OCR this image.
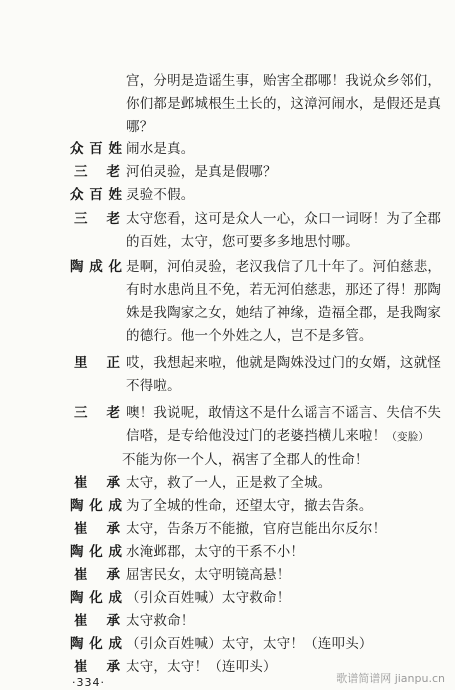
宫，分明是造谣生事，贻害全郡哪！我说众乡邻们，
你们都是邺城根生土长的，这漳河闹水，是假还是真
哪？
众百姓 闹水是真。
三　老 河伯灵验，是真是假哪？
众百姓 灵验不假。
三　老 太守您看，这可是众人一心，众口一词呀！为了全郡
的百姓，太守，您可要多多地思忖哪。
陶成化 是啊，河伯灵验，老汉我信了几十年了。河伯慈悲，
有时水患尚且不免，若无河伯慈悲，那还了得！那陶
姝是我陶家之女，她结了神缘，造福全郡，是我陶家
的德行。他一个外姓之人，岂不是多管。
里　正 哎，我想起来啦，他就是陶姝没过门的女婿，这就怪
不得啦。
三　老 噢！我说呢，敢情这不是什么谣言不谣言、失信不失
信嗒，是专给他没过门的老婆挡横儿来啦！（变脸）
不能为你一个人，祸害了全郡人的性命！
崔　承 太守，救了一人，正是救了全城。
陶化成 为了全城的性命，还望太守，撤去告条。
崔　承 太守，告条万不能撤，官府岂能出尔反尔！
陶化成 水淹邺郡，太守的干系不小！
崔　承 屈害民女，太守明镜高悬！
陶化成 （引众百姓喊）太守救命！
崔　承 太守救命！
陶化成 （引众百姓喊）太守，太守！（连叩头）
崔　承 太守，太守！（连叩头）
·334·	歌谱简谱网 jianpu.cn
